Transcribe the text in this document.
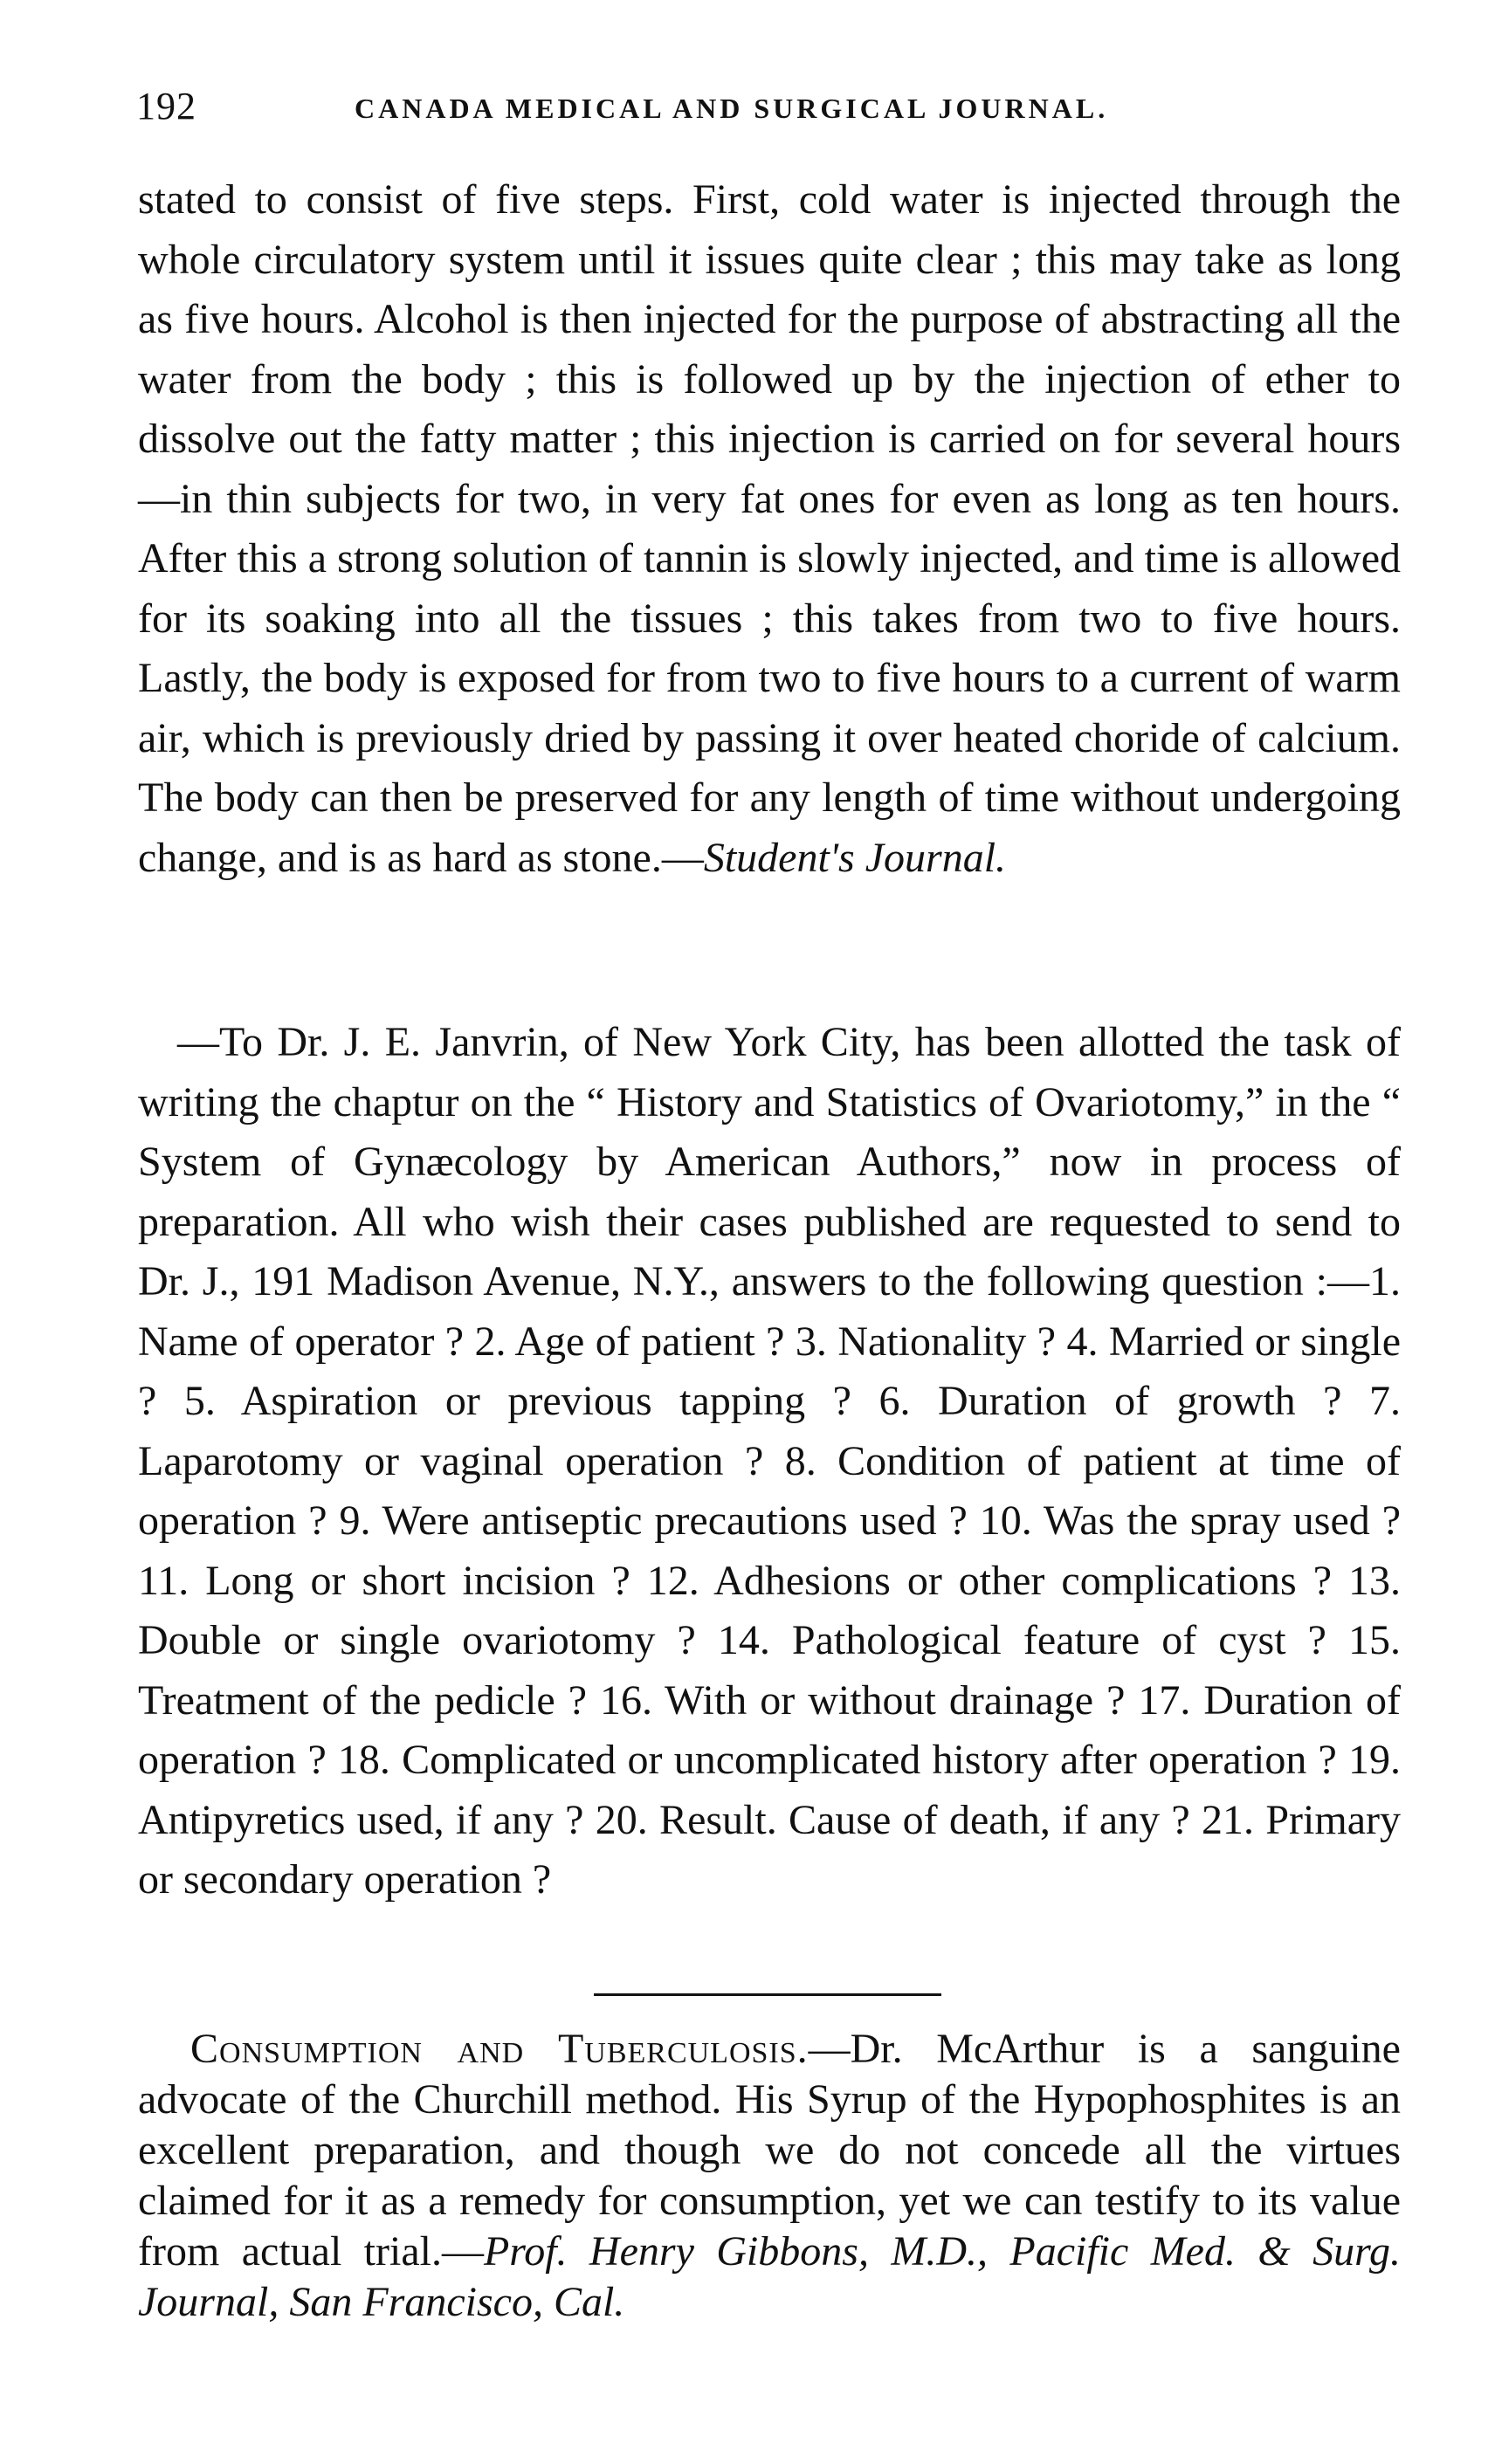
192	CANADA MEDICAL AND SURGICAL JOURNAL.

stated to consist of five steps. First, cold water is injected through the whole circulatory system until it issues quite clear ; this may take as long as five hours. Alcohol is then injected for the purpose of abstracting all the water from the body ; this is followed up by the injection of ether to dissolve out the fatty matter ; this injection is carried on for several hours—in thin subjects for two, in very fat ones for even as long as ten hours. After this a strong solution of tannin is slowly injected, and time is allowed for its soaking into all the tissues ; this takes from two to five hours. Lastly, the body is exposed for from two to five hours to a current of warm air, which is previously dried by passing it over heated choride of calcium. The body can then be preserved for any length of time without undergoing change, and is as hard as stone.—Student's Journal.

—To Dr. J. E. Janvrin, of New York City, has been allotted the task of writing the chaptur on the “ History and Statistics of Ovariotomy,” in the “ System of Gynæcology by American Authors,” now in process of preparation. All who wish their cases published are requested to send to Dr. J., 191 Madison Avenue, N.Y., answers to the following question :—1. Name of operator ? 2. Age of patient ? 3. Nationality ? 4. Married or single ? 5. Aspiration or previous tapping ? 6. Duration of growth ? 7. Laparotomy or vaginal operation ? 8. Condition of patient at time of operation ? 9. Were antiseptic precautions used ? 10. Was the spray used ? 11. Long or short incision ? 12. Adhesions or other complications ? 13. Double or single ovariotomy ? 14. Pathological feature of cyst ? 15. Treatment of the pedicle ? 16. With or without drainage ? 17. Duration of operation ? 18. Complicated or uncomplicated history after operation ? 19. Antipyretics used, if any ? 20. Result. Cause of death, if any ? 21. Primary or secondary operation ?

Consumption and Tuberculosis.—Dr. McArthur is a sanguine advocate of the Churchill method. His Syrup of the Hypophosphites is an excellent preparation, and though we do not concede all the virtues claimed for it as a remedy for consumption, yet we can testify to its value from actual trial.—Prof. Henry Gibbons, M.D., Pacific Med. & Surg. Journal, San Francisco, Cal.
